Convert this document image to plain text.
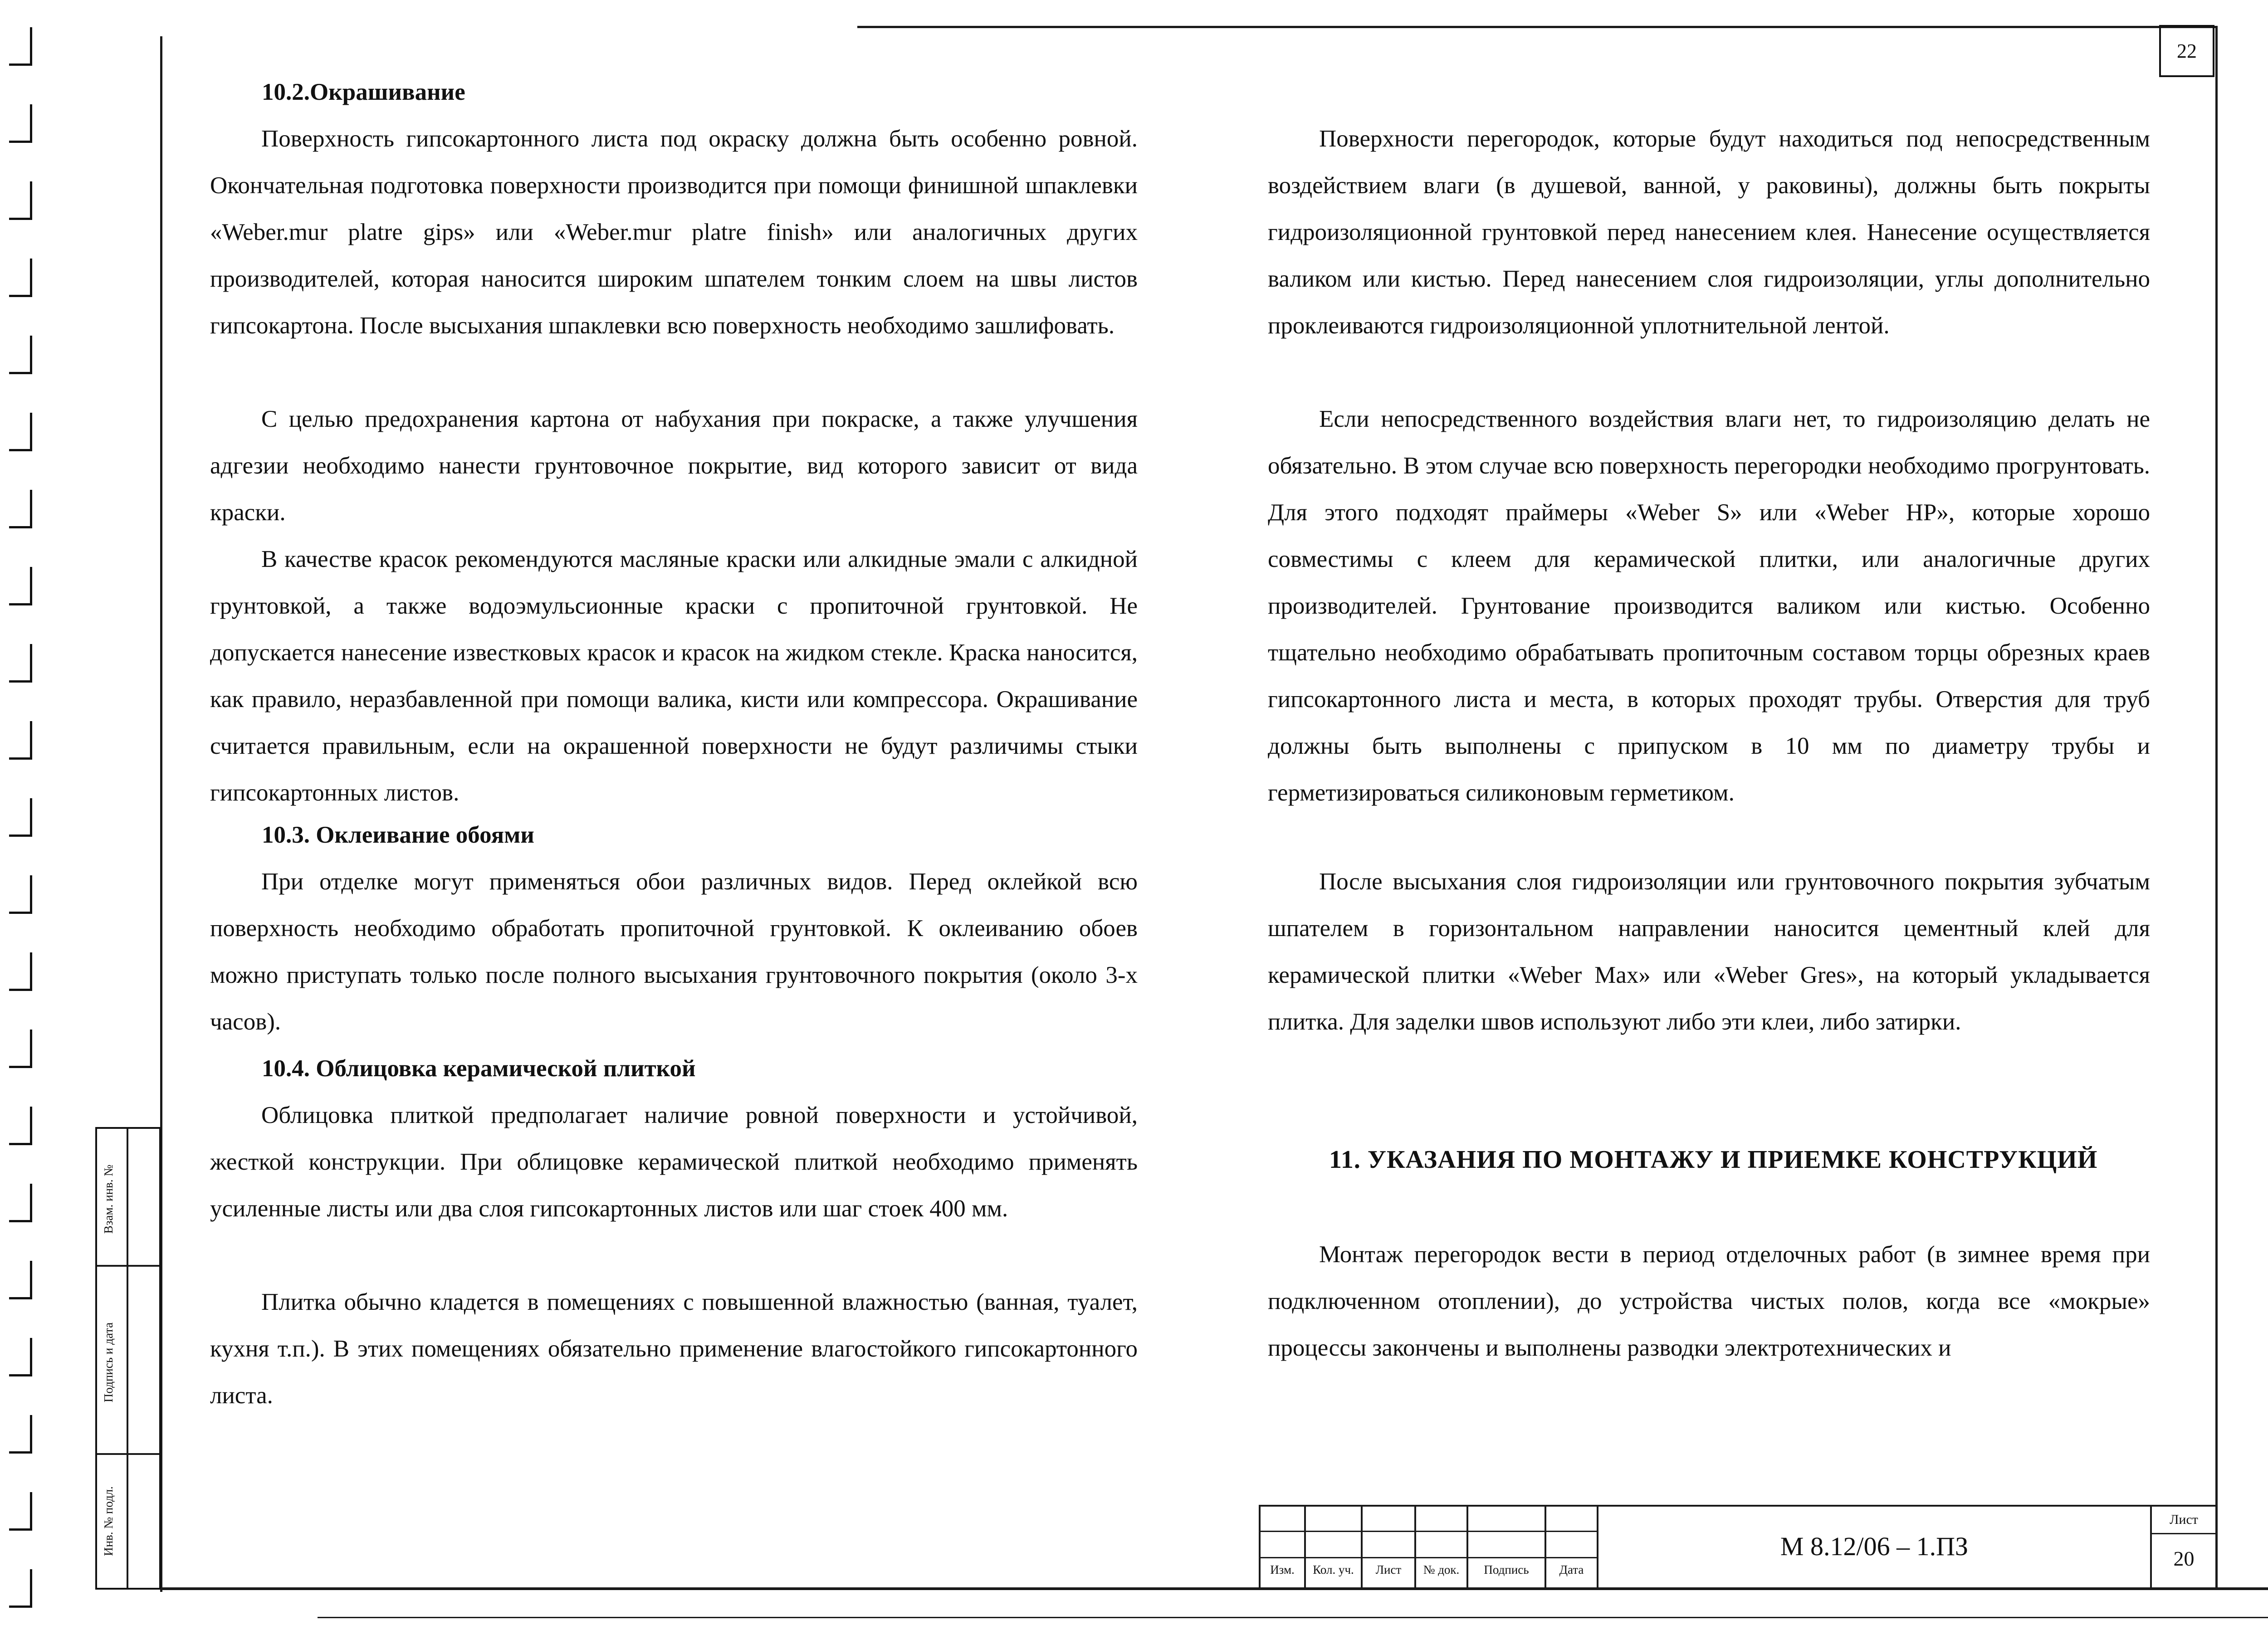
22
Взам. инв. №
Подпись и дата
Инв. № подл.

10.2.Окрашивание

Поверхность гипсокартонного листа под окраску должна быть особенно ровной. Окончательная подготовка поверхности производится при помощи финишной шпаклевки «Weber.mur platre gips» или «Weber.mur platre finish» или аналогичных других производителей, которая наносится широким шпателем тонким слоем на швы листов гипсокартона. После высыхания шпаклевки всю поверхность необходимо зашлифовать.

С целью предохранения картона от набухания при покраске, а также улучшения адгезии необходимо нанести грунтовочное покрытие, вид которого зависит от вида краски.

В качестве красок рекомендуются масляные краски или алкидные эмали с алкидной грунтовкой, а также водоэмульсионные краски с пропиточной грунтовкой. Не допускается нанесение известковых красок и красок на жидком стекле. Краска наносится, как правило, неразбавленной при помощи валика, кисти или компрессора. Окрашивание считается правильным, если на окрашенной поверхности не будут различимы стыки гипсокартонных листов.

10.3. Оклеивание обоями

При отделке могут применяться обои различных видов. Перед оклейкой всю поверхность необходимо обработать пропиточной грунтовкой. К оклеиванию обоев можно приступать только после полного высыхания грунтовочного покрытия (около 3-х часов).

10.4. Облицовка керамической плиткой

Облицовка плиткой предполагает наличие ровной поверхности и устойчивой, жесткой конструкции. При облицовке керамической плиткой необходимо применять усиленные листы или два слоя гипсокартонных листов или шаг стоек 400 мм.

Плитка обычно кладется в помещениях с повышенной влажностью (ванная, туалет, кухня т.п.). В этих помещениях обязательно применение влагостойкого гипсокартонного листа.

Поверхности перегородок, которые будут находиться под непосредственным воздействием влаги (в душевой, ванной, у раковины), должны быть покрыты гидроизоляционной грунтовкой перед нанесением клея. Нанесение осуществляется валиком или кистью. Перед нанесением слоя гидроизоляции, углы дополнительно проклеиваются гидроизоляционной уплотнительной лентой.

Если непосредственного воздействия влаги нет, то гидроизоляцию делать не обязательно. В этом случае всю поверхность перегородки необходимо прогрунтовать. Для этого подходят праймеры «Weber S» или «Weber HP», которые хорошо совместимы с клеем для керамической плитки, или аналогичные других производителей. Грунтование производится валиком или кистью. Особенно тщательно необходимо обрабатывать пропиточным составом торцы обрезных краев гипсокартонного листа и места, в которых проходят трубы. Отверстия для труб должны быть выполнены с припуском в 10 мм по диаметру трубы и герметизироваться силиконовым герметиком.

После высыхания слоя гидроизоляции или грунтовочного покрытия зубчатым шпателем в горизонтальном направлении наносится цементный клей для керамической плитки «Weber Max» или «Weber Gres», на который укладывается плитка. Для заделки швов используют либо эти клеи, либо затирки.

11. УКАЗАНИЯ ПО МОНТАЖУ И ПРИЕМКЕ КОНСТРУКЦИЙ

Монтаж перегородок вести в период отделочных работ (в зимнее время при подключенном отоплении), до устройства чистых полов, когда все «мокрые» процессы закончены и выполнены разводки электротехнических и

Изм.	Кол. уч.	Лист	№ док.	Подпись	Дата
М 8.12/06 – 1.ПЗ
Лист
20
